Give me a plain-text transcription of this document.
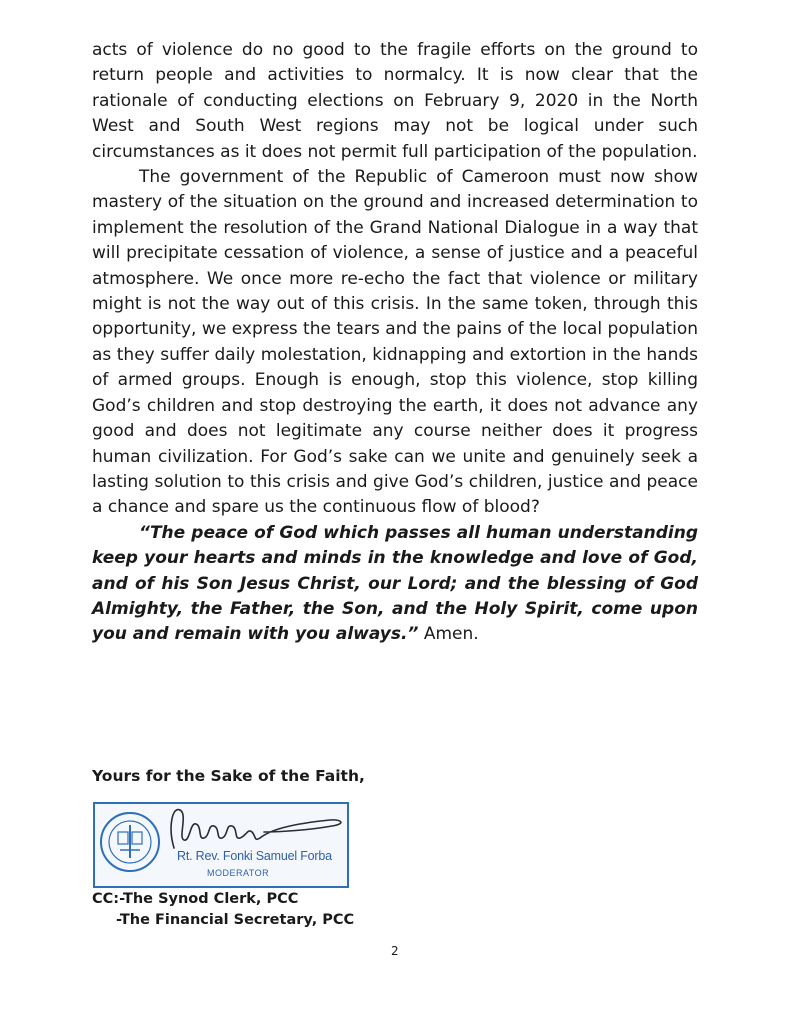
acts of violence do no good to the fragile efforts on the ground to return people and activities to normalcy. It is now clear that the rationale of conducting elections on February 9, 2020 in the North West and South West regions may not be logical under such circumstances as it does not permit full participation of the population.

The government of the Republic of Cameroon must now show mastery of the situation on the ground and increased determination to implement the resolution of the Grand National Dialogue in a way that will precipitate cessation of violence, a sense of justice and a peaceful atmosphere. We once more re-echo the fact that violence or military might is not the way out of this crisis. In the same token, through this opportunity, we express the tears and the pains of the local population as they suffer daily molestation, kidnapping and extortion in the hands of armed groups. Enough is enough, stop this violence, stop killing God’s children and stop destroying the earth, it does not advance any good and does not legitimate any course neither does it progress human civilization. For God’s sake can we unite and genuinely seek a lasting solution to this crisis and give God’s children, justice and peace a chance and spare us the continuous flow of blood?

“The peace of God which passes all human understanding keep your hearts and minds in the knowledge and love of God, and of his Son Jesus Christ, our Lord; and the blessing of God Almighty, the Father, the Son, and the Holy Spirit, come upon you and remain with you always.” Amen.

Yours for the Sake of the Faith,

Rt. Rev. Fonki Samuel Forba
MODERATOR
CC:-The Synod Clerk, PCC
-The Financial Secretary, PCC
2
